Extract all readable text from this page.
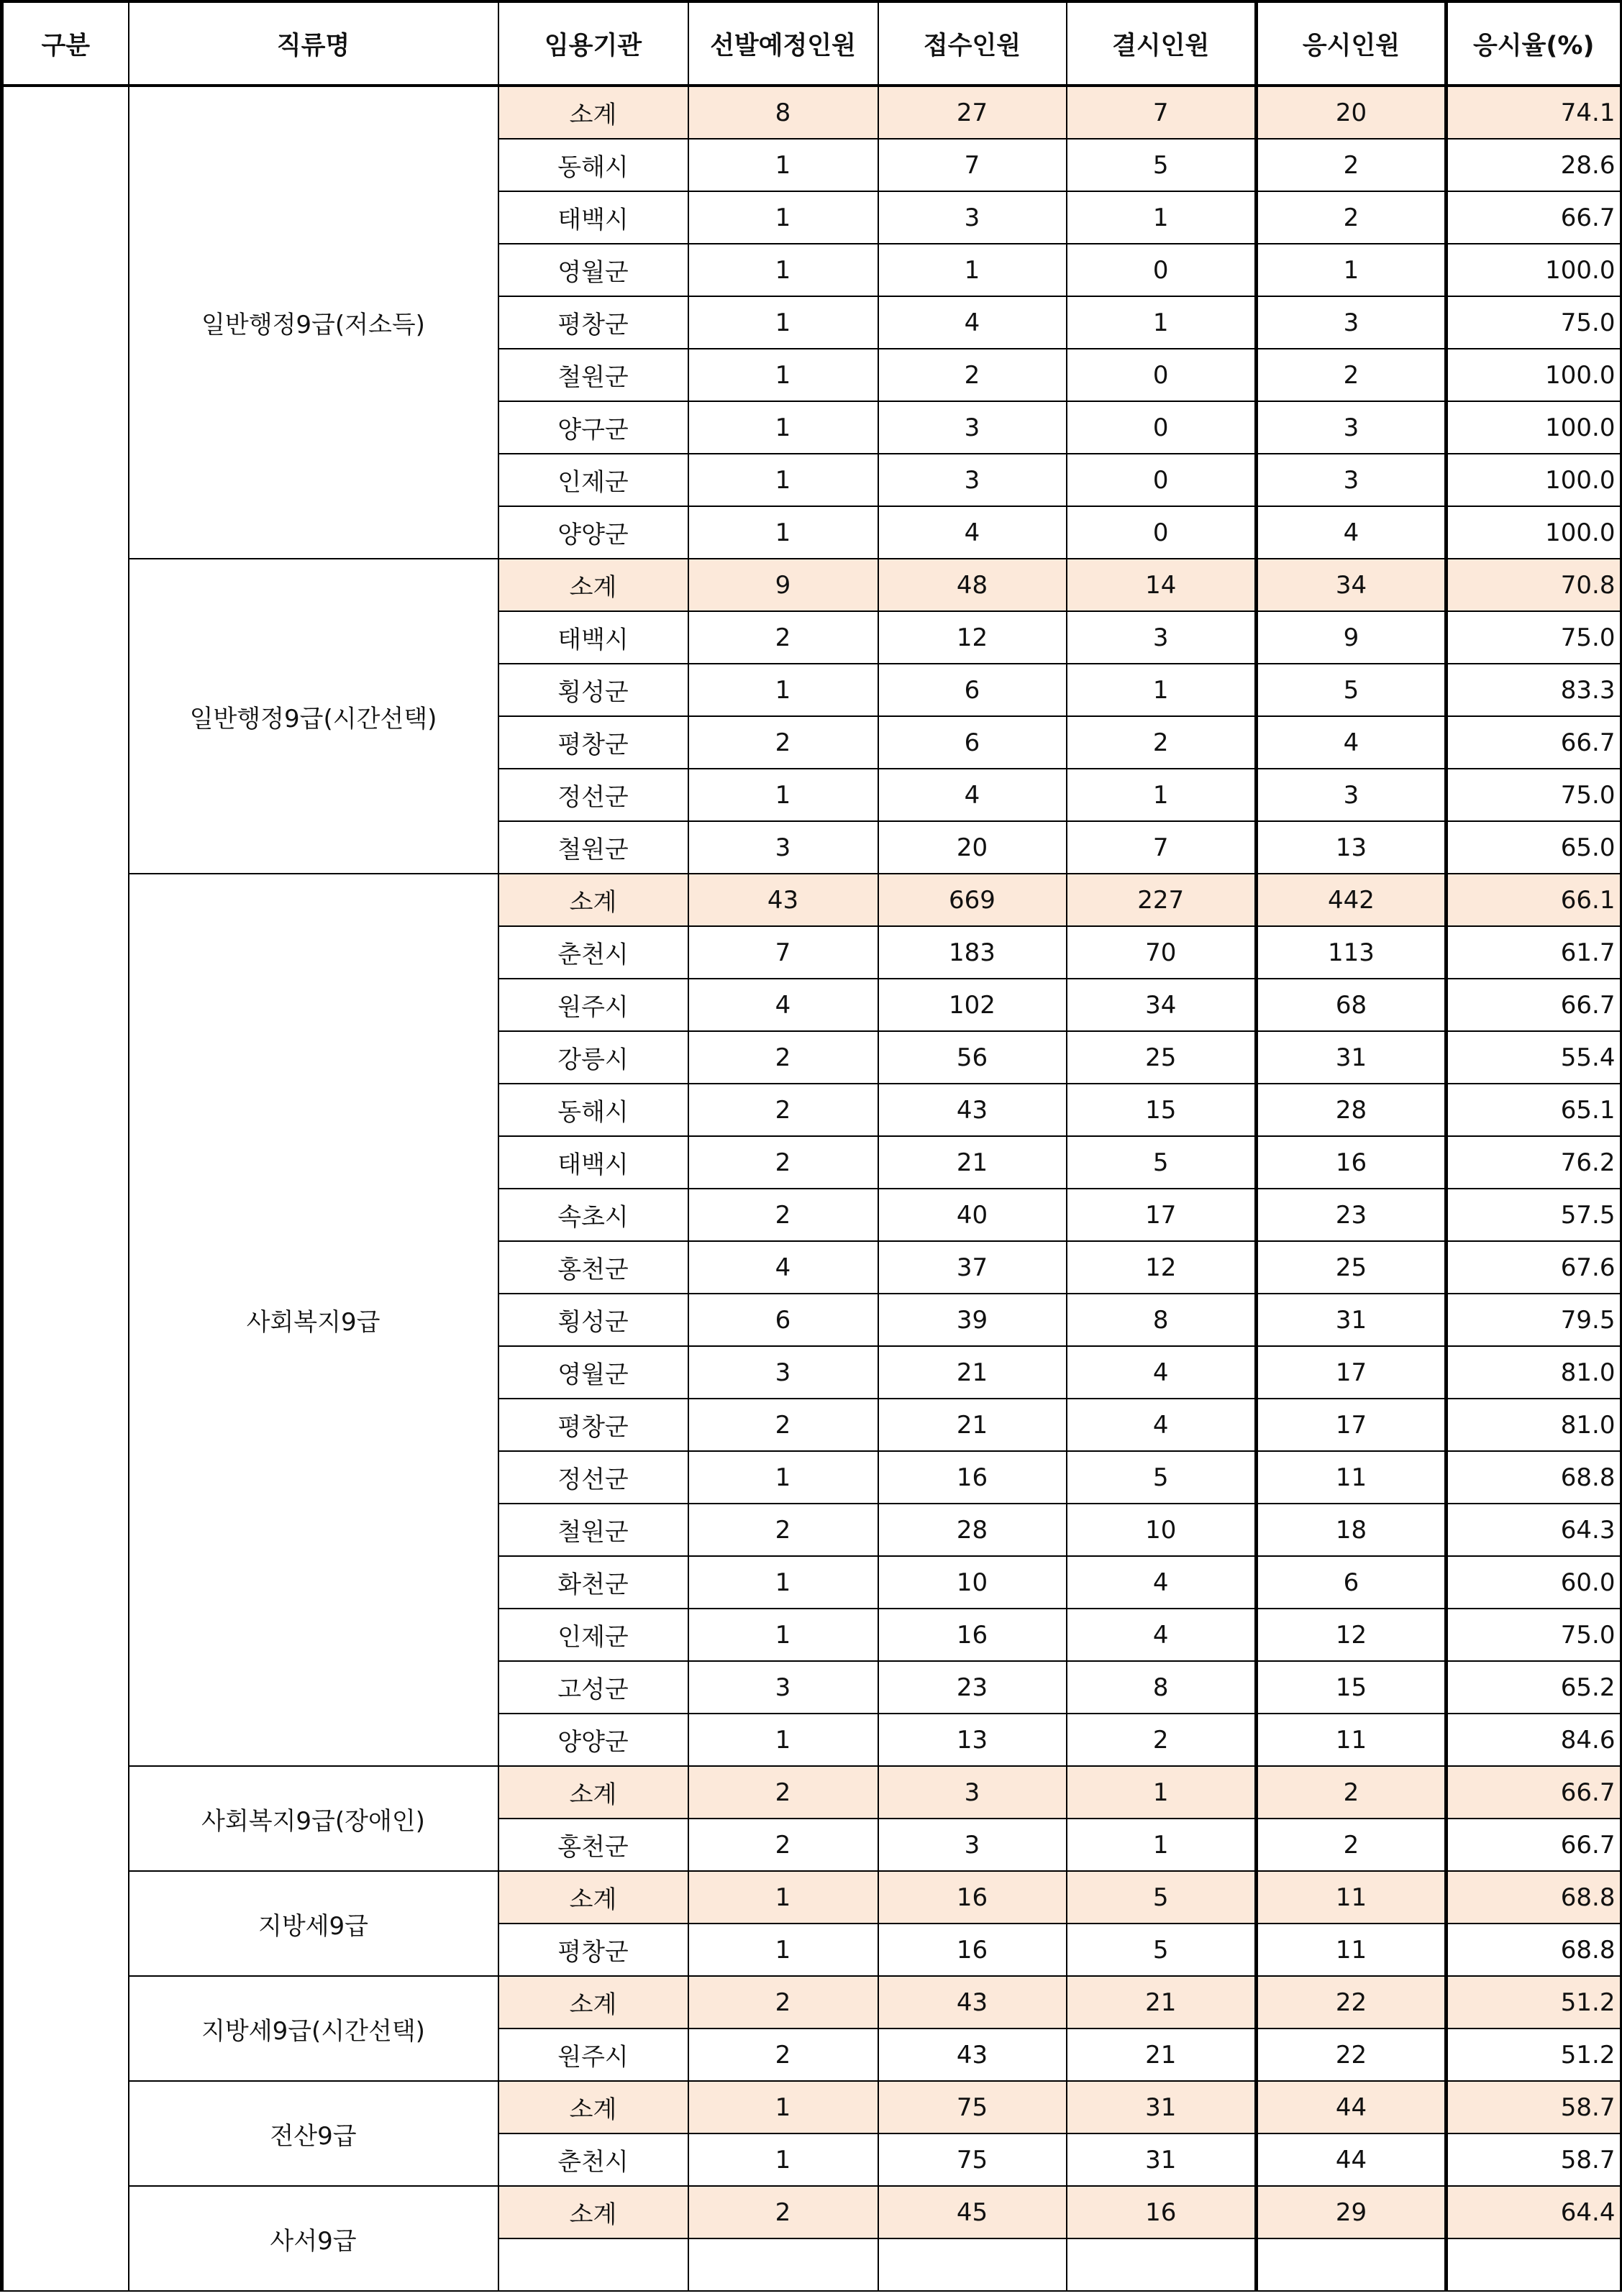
구분	직류명	임용기관	선발예정인원	접수인원	결시인원	응시인원	응시율(%)
	일반행정9급(저소득)	소계	8	27	7	20	74.1
		동해시	1	7	5	2	28.6
		태백시	1	3	1	2	66.7
		영월군	1	1	0	1	100.0
		평창군	1	4	1	3	75.0
		철원군	1	2	0	2	100.0
		양구군	1	3	0	3	100.0
		인제군	1	3	0	3	100.0
		양양군	1	4	0	4	100.0
	일반행정9급(시간선택)	소계	9	48	14	34	70.8
		태백시	2	12	3	9	75.0
		횡성군	1	6	1	5	83.3
		평창군	2	6	2	4	66.7
		정선군	1	4	1	3	75.0
		철원군	3	20	7	13	65.0
	사회복지9급	소계	43	669	227	442	66.1
		춘천시	7	183	70	113	61.7
		원주시	4	102	34	68	66.7
		강릉시	2	56	25	31	55.4
		동해시	2	43	15	28	65.1
		태백시	2	21	5	16	76.2
		속초시	2	40	17	23	57.5
		홍천군	4	37	12	25	67.6
		횡성군	6	39	8	31	79.5
		영월군	3	21	4	17	81.0
		평창군	2	21	4	17	81.0
		정선군	1	16	5	11	68.8
		철원군	2	28	10	18	64.3
		화천군	1	10	4	6	60.0
		인제군	1	16	4	12	75.0
		고성군	3	23	8	15	65.2
		양양군	1	13	2	11	84.6
	사회복지9급(장애인)	소계	2	3	1	2	66.7
		홍천군	2	3	1	2	66.7
	지방세9급	소계	1	16	5	11	68.8
		평창군	1	16	5	11	68.8
	지방세9급(시간선택)	소계	2	43	21	22	51.2
		원주시	2	43	21	22	51.2
	전산9급	소계	1	75	31	44	58.7
		춘천시	1	75	31	44	58.7
	사서9급	소계	2	45	16	29	64.4
